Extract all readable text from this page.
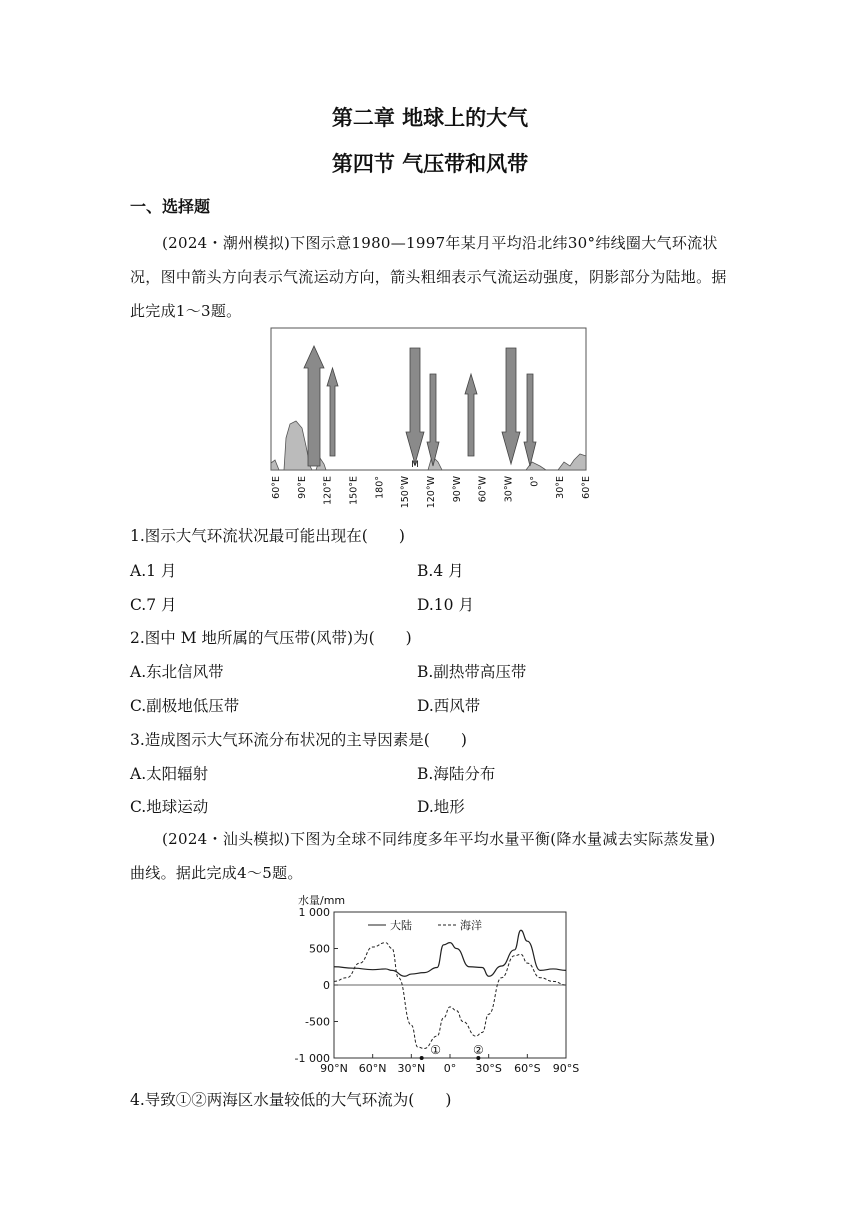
第二章 地球上的大气
第四节 气压带和风带
一、选择题
(2024・潮州模拟)下图示意1980—1997年某月平均沿北纬30°纬线圈大气环流状况，图中箭头方向表示气流运动方向，箭头粗细表示气流运动强度，阴影部分为陆地。据此完成1～3题。
M
60°E 90°E 120°E 150°E 180° 150°W 120°W 90°W 60°W 30°W 0° 30°E 60°E
1.图示大气环流状况最可能出现在(　　)
A.1 月	B.4 月
C.7 月	D.10 月
2.图中 M 地所属的气压带(风带)为(　　)
A.东北信风带	B.副热带高压带
C.副极地低压带	D.西风带
3.造成图示大气环流分布状况的主导因素是(　　)
A.太阳辐射	B.海陆分布
C.地球运动	D.地形
(2024・汕头模拟)下图为全球不同纬度多年平均水量平衡(降水量减去实际蒸发量)曲线。据此完成4～5题。
水量/mm
大陆	海洋
1 000
500
0
-500
-1 000
90°N 60°N 30°N 0° 30°S 60°S 90°S
①	②
4.导致①②两海区水量较低的大气环流为(　　)
